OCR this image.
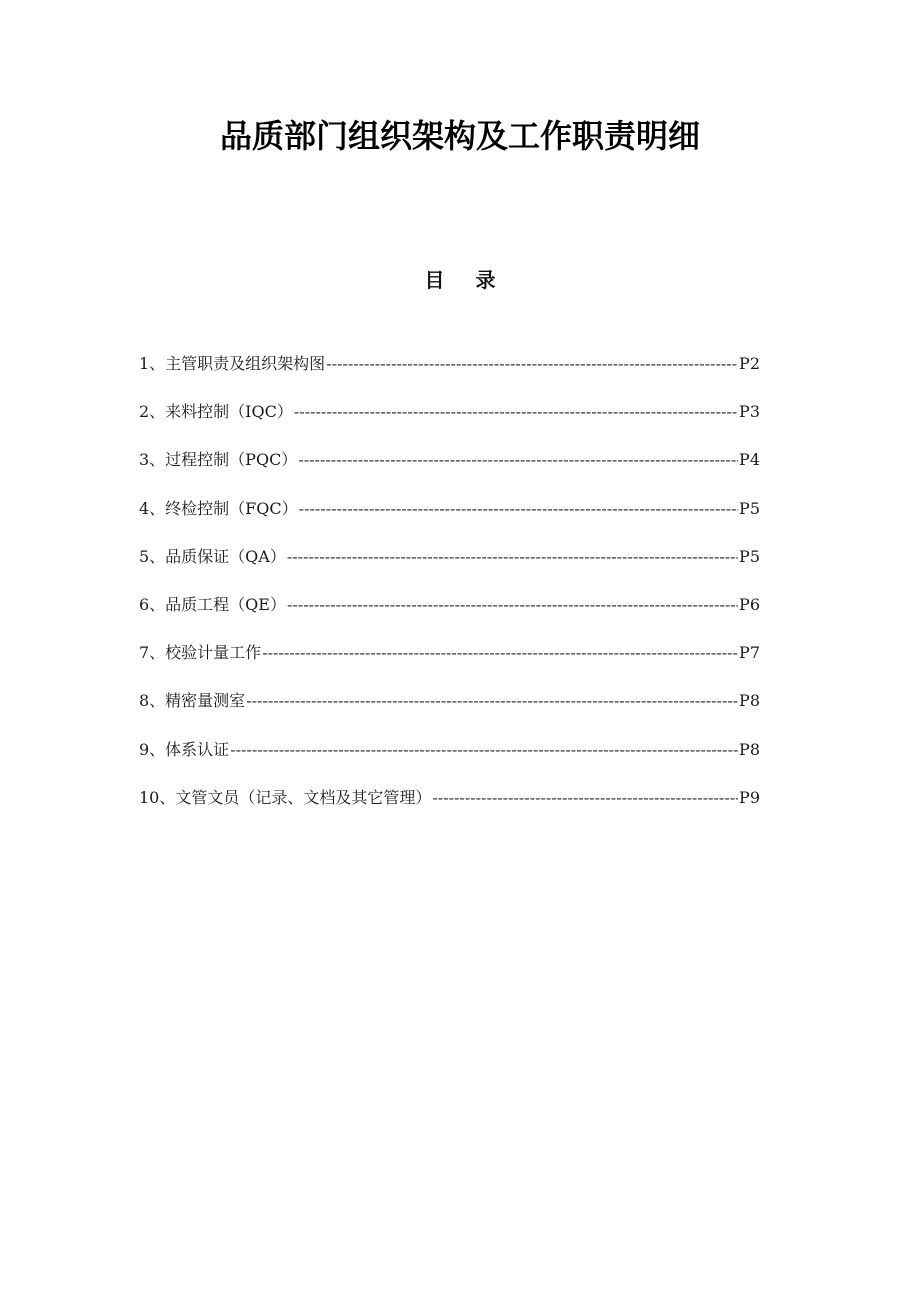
品质部门组织架构及工作职责明细
目 录
1、主管职责及组织架构图 -----	P2
2、来料控制（IQC） -----	P3
3、过程控制（PQC） -----	P4
4、终检控制（FQC） -----	P5
5、品质保证（QA） -----	P5
6、品质工程（QE） -----	P6
7、校验计量工作 -----	P7
8、精密量测室 -----	P8
9、体系认证 -----	P8
10、文管文员（记录、文档及其它管理） -----	P9
